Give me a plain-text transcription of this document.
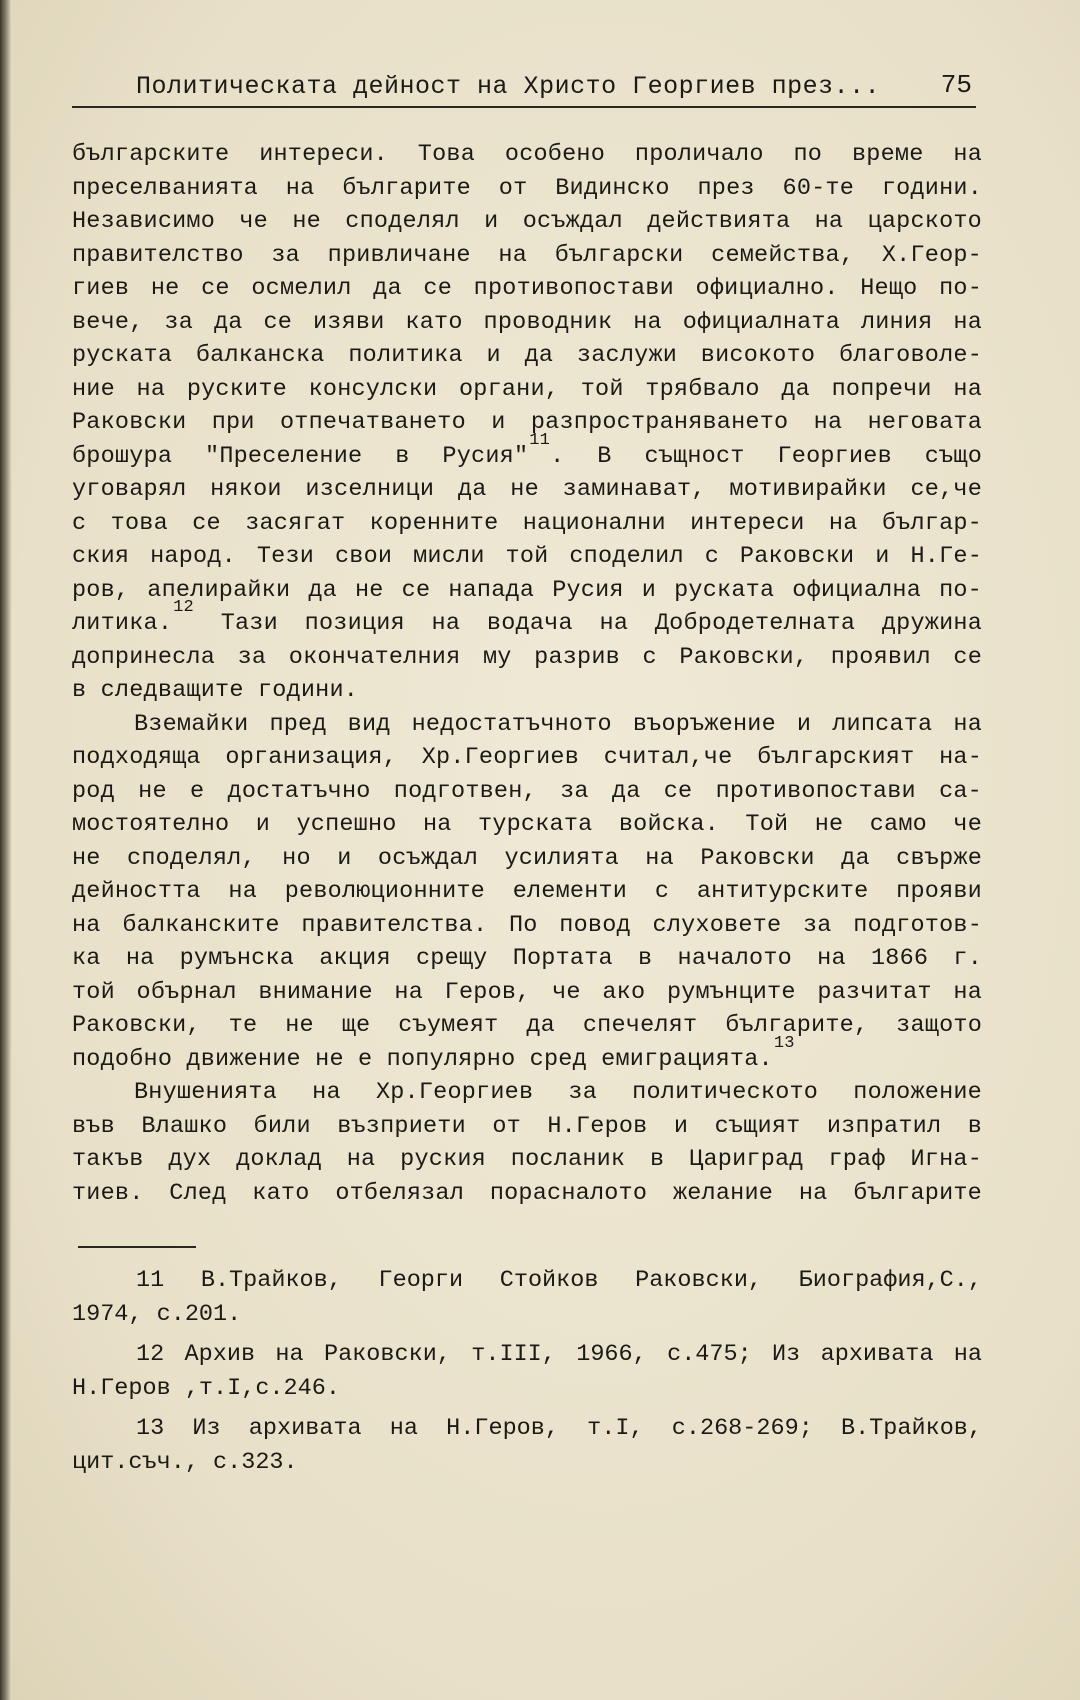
Политическата дейност на Христо Георгиев през... 75
българските интереси. Това особено проличало по време на
преселванията на българите от Видинско през 60-те години.
Независимо че не споделял и осъждал действията на царското
правителство за привличане на български семейства, Х.Геор-
гиев не се осмелил да се противопостави официално. Нещо по-
вече, за да се изяви като проводник на официалната линия на
руската балканска политика и да заслужи високото благоволе-
ние на руските консулски органи, той трябвало да попречи на
Раковски при отпечатването и разпространяването на неговата
брошура "Преселение в Русия"$^{11}$. В същност Георгиев също
уговарял някои изселници да не заминават, мотивирайки се,че
с това се засягат коренните национални интереси на българ-
ския народ. Тези свои мисли той споделил с Раковски и Н.Ге-
ров, апелирайки да не се напада Русия и руската официална по-
литика.$^{12}$ Тази позиция на водача на Добродетелната дружина
допринесла за окончателния му разрив с Раковски, проявил се
в следващите години.
Вземайки пред вид недостатъчното въоръжение и липсата на
подходяща организация, Хр.Георгиев считал,че българският на-
род не е достатъчно подготвен, за да се противопостави са-
мостоятелно и успешно на турската войска. Той не само че
не споделял, но и осъждал усилията на Раковски да свърже
дейността на революционните елементи с антитурските прояви
на балканските правителства. По повод слуховете за подготов-
ка на румънска акция срещу Портата в началото на 1866 г.
той обърнал внимание на Геров, че ако румънците разчитат на
Раковски, те не ще съумеят да спечелят българите, защото
подобно движение не е популярно сред емиграцията.$^{13}$
Внушенията на Хр.Георгиев за политическото положение
във Влашко били възприети от Н.Геров и същият изпратил в
такъв дух доклад на руския посланик в Цариград граф Игна-
тиев. След като отбелязал порасналото желание на българите
11 В.Трайков, Георги Стойков Раковски, Биография,С.,
1974, с.201.
12 Архив на Раковски, т.III, 1966, с.475; Из архивата на
Н.Геров ,т.I,с.246.
13 Из архивата на Н.Геров, т.I, с.268-269; В.Трайков,
цит.съч., с.323.
